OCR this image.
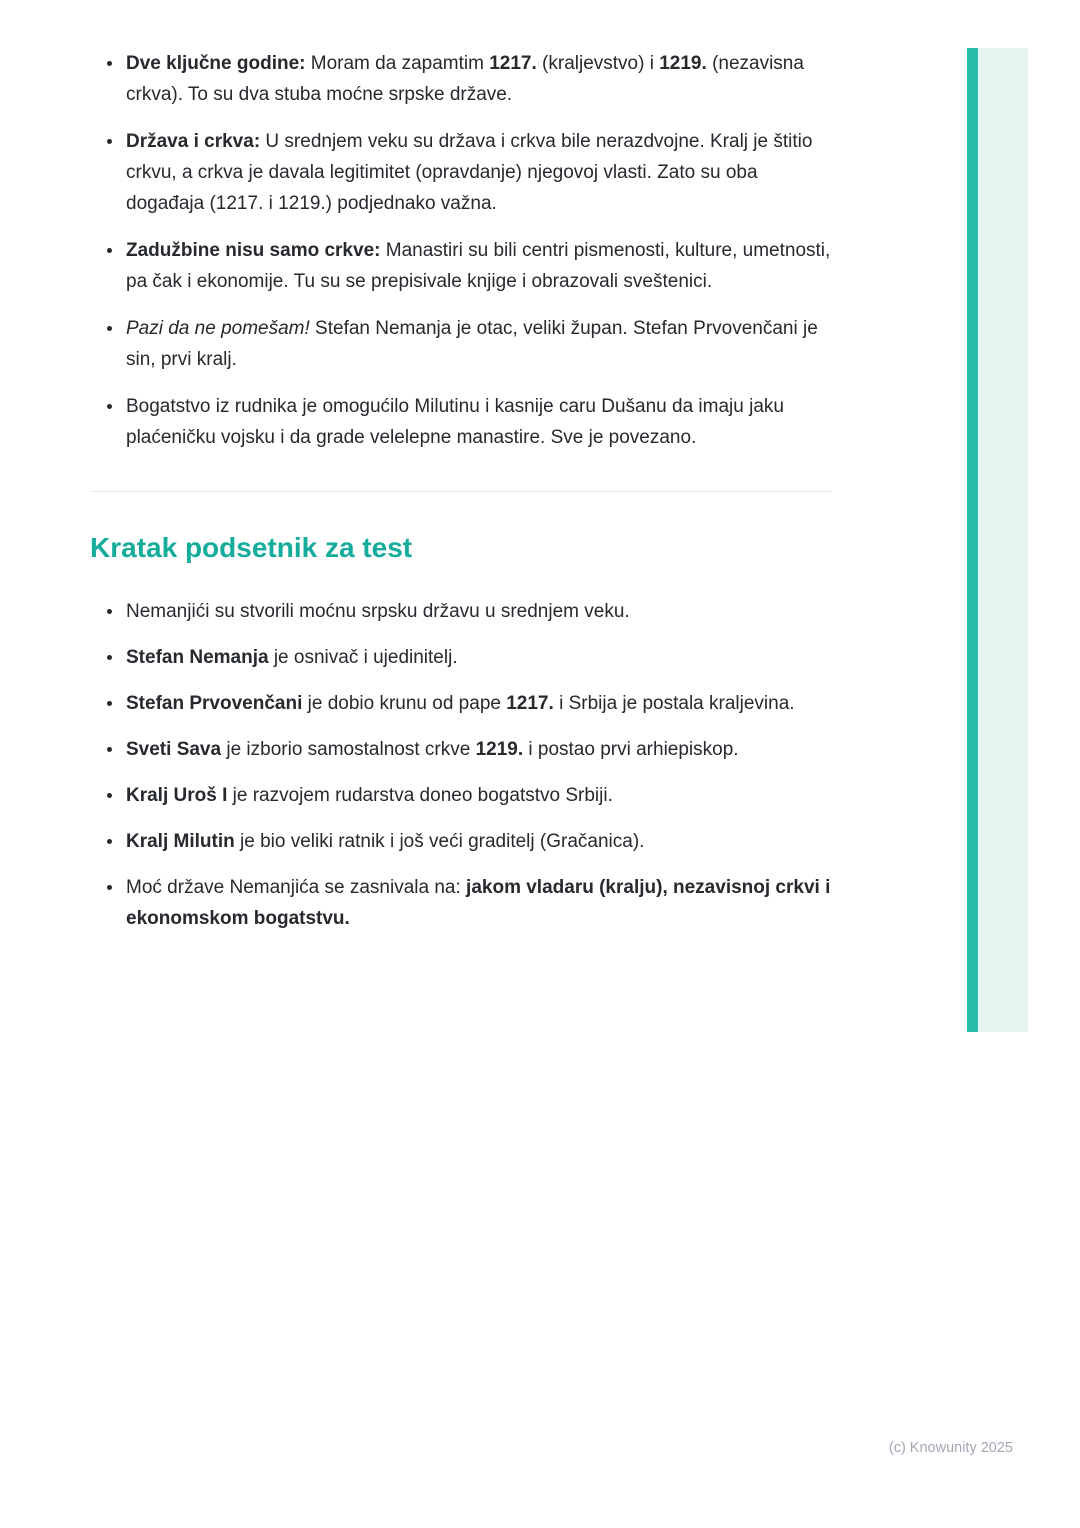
• Dve ključne godine: Moram da zapamtim 1217. (kraljevstvo) i 1219. (nezavisna crkva). To su dva stuba moćne srpske države.
• Država i crkva: U srednjem veku su država i crkva bile nerazdvojne. Kralj je štitio crkvu, a crkva je davala legitimitet (opravdanje) njegovoj vlasti. Zato su oba događaja (1217. i 1219.) podjednako važna.
• Zadužbine nisu samo crkve: Manastiri su bili centri pismenosti, kulture, umetnosti, pa čak i ekonomije. Tu su se prepisivale knjige i obrazovali sveštenici.
• Pazi da ne pomešam! Stefan Nemanja je otac, veliki župan. Stefan Prvovenčani je sin, prvi kralj.
• Bogatstvo iz rudnika je omogućilo Milutinu i kasnije caru Dušanu da imaju jaku plaćeničku vojsku i da grade velelepne manastire. Sve je povezano.
Kratak podsetnik za test
• Nemanjići su stvorili moćnu srpsku državu u srednjem veku.
• Stefan Nemanja je osnivač i ujedinitelj.
• Stefan Prvovenčani je dobio krunu od pape 1217. i Srbija je postala kraljevina.
• Sveti Sava je izborio samostalnost crkve 1219. i postao prvi arhiepiskop.
• Kralj Uroš I je razvojem rudarstva doneo bogatstvo Srbiji.
• Kralj Milutin je bio veliki ratnik i još veći graditelj (Gračanica).
• Moć države Nemanjića se zasnivala na: jakom vladaru (kralju), nezavisnoj crkvi i ekonomskom bogatstvu.
(c) Knowunity 2025
